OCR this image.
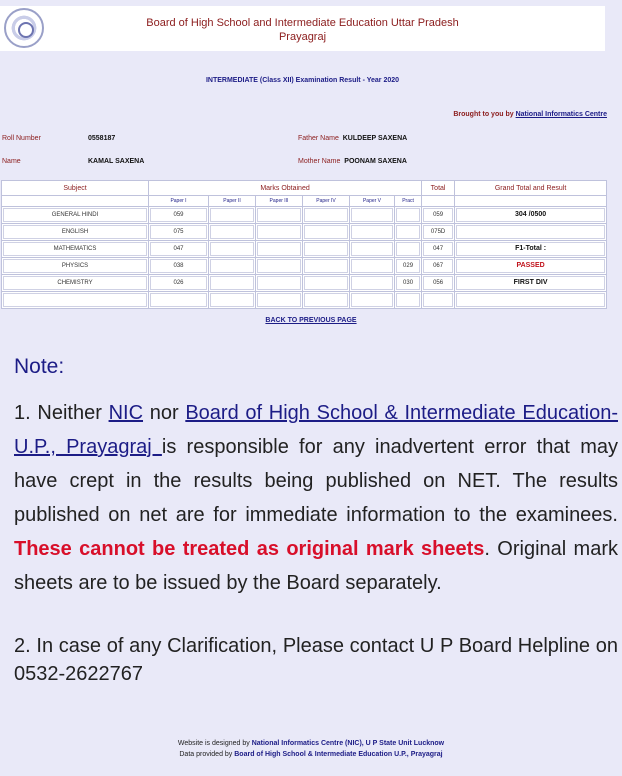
Board of High School and Intermediate Education Uttar Pradesh
Prayagraj
INTERMEDIATE (Class XII) Examination Result - Year 2020
Brought to you by National Informatics Centre
Roll Number	0558187	Father Name KULDEEP SAXENA
Name	KAMAL SAXENA	Mother Name POONAM SAXENA
Subject	Marks Obtained						Total	Grand Total and Result
	Paper I	Paper II	Paper III	Paper IV	Paper V	Pract		

GENERAL HINDI	059						059	304 /0500

ENGLISH	075						075D	

MATHEMATICS	047						047	F1-Total :

PHYSICS	038					029	067	PASSED

CHEMISTRY	026					030	056	FIRST DIV

BACK TO PREVIOUS PAGE
Note:
1. Neither NIC nor Board of High School & Intermediate Education-U.P., Prayagraj is responsible for any inadvertent error that may have crept in the results being published on NET. The results published on net are for immediate information to the examinees. These cannot be treated as original mark sheets. Original mark sheets are to be issued by the Board separately.
2. In case of any Clarification, Please contact U P Board Helpline on 0532-2622767
Website is designed by National Informatics Centre (NIC), U P State Unit Lucknow
Data provided by Board of High School & Intermediate Education U.P., Prayagraj
